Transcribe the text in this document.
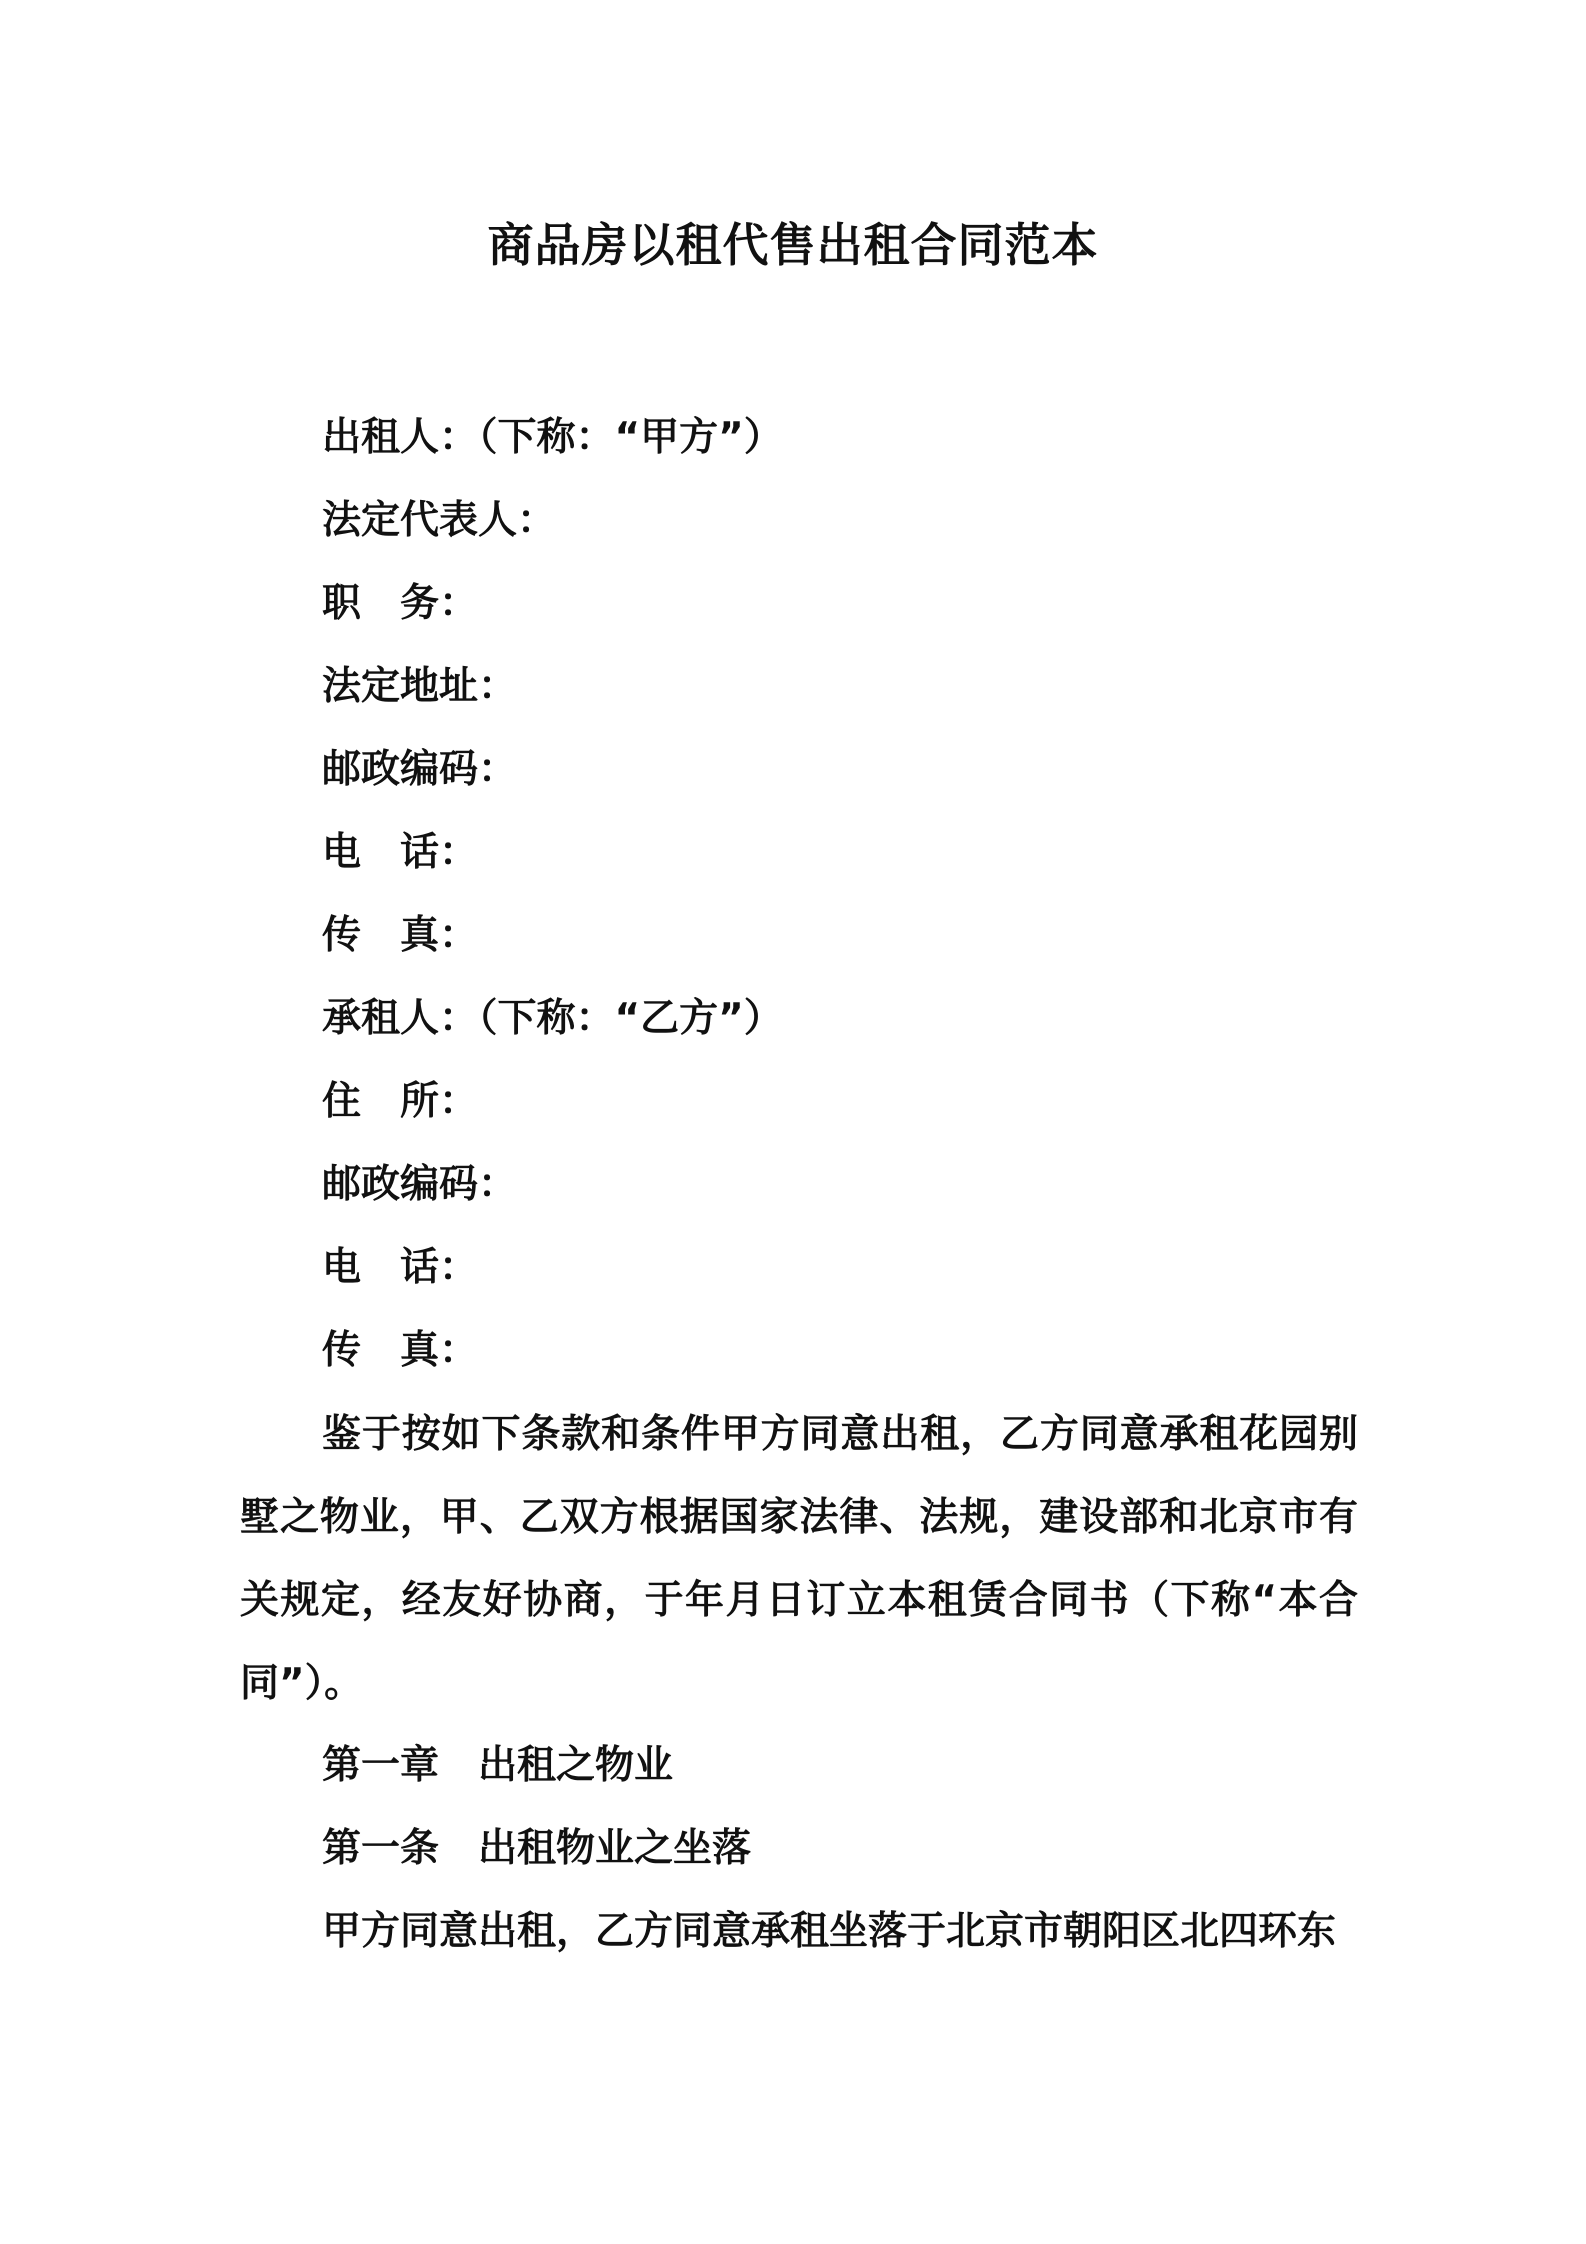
商品房以租代售出租合同范本
出租人：（下称：“甲方”）
法定代表人：
职　务：
法定地址：
邮政编码：
电　话：
传　真：
承租人：（下称：“乙方”）
住　所：
邮政编码：
电　话：
传　真：
鉴于按如下条款和条件甲方同意出租，乙方同意承租花园别墅之物业，甲、乙双方根据国家法律、法规，建设部和北京市有关规定，经友好协商，于年月日订立本租赁合同书（下称“本合同”）。
第一章　出租之物业
第一条　出租物业之坐落
甲方同意出租，乙方同意承租坐落于北京市朝阳区北四环东
